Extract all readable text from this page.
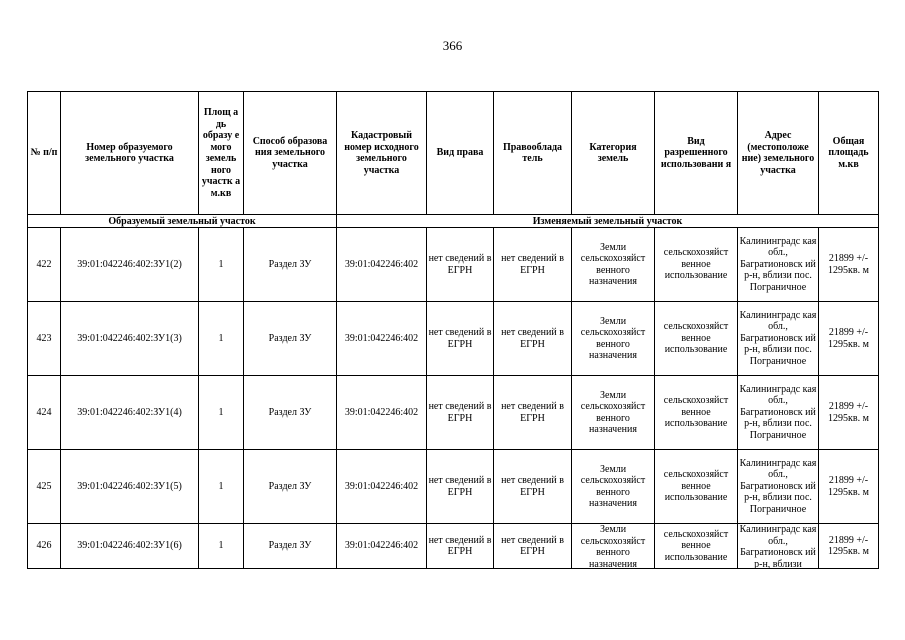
366
№ п/п	Номер образуемого земельного участка	Площ а дь образу е мого земель ного участк а м.кв	Способ образова ния земельного участка	Кадастровый номер исходного земельного участка	Вид права	Правооблада тель	Категория земель	Вид разрешенного использовани я	Адрес (местоположе ние) земельного участка	Общая площадь м.кв
Образуемый земельный участок				Изменяемый земельный участок						
422	39:01:042246:402:ЗУ1(2)	1	Раздел ЗУ	39:01:042246:402	нет сведений в ЕГРН	нет сведений в ЕГРН	Земли сельскохозяйст венного назначения	сельскохозяйст венное использование	Калининградс кая обл., Багратионовск ий р-н, вблизи пос. Пограничное	21899 +/- 1295кв. м
423	39:01:042246:402:ЗУ1(3)	1	Раздел ЗУ	39:01:042246:402	нет сведений в ЕГРН	нет сведений в ЕГРН	Земли сельскохозяйст венного назначения	сельскохозяйст венное использование	Калининградс кая обл., Багратионовск ий р-н, вблизи пос. Пограничное	21899 +/- 1295кв. м
424	39:01:042246:402:ЗУ1(4)	1	Раздел ЗУ	39:01:042246:402	нет сведений в ЕГРН	нет сведений в ЕГРН	Земли сельскохозяйст венного назначения	сельскохозяйст венное использование	Калининградс кая обл., Багратионовск ий р-н, вблизи пос. Пограничное	21899 +/- 1295кв. м
425	39:01:042246:402:ЗУ1(5)	1	Раздел ЗУ	39:01:042246:402	нет сведений в ЕГРН	нет сведений в ЕГРН	Земли сельскохозяйст венного назначения	сельскохозяйст венное использование	Калининградс кая обл., Багратионовск ий р-н, вблизи пос. Пограничное	21899 +/- 1295кв. м
426	39:01:042246:402:ЗУ1(6)	1	Раздел ЗУ	39:01:042246:402	нет сведений в ЕГРН	нет сведений в ЕГРН	Земли сельскохозяйст венного назначения	сельскохозяйст венное использование	Калининградс кая обл., Багратионовск ий р-н, вблизи	21899 +/- 1295кв. м
